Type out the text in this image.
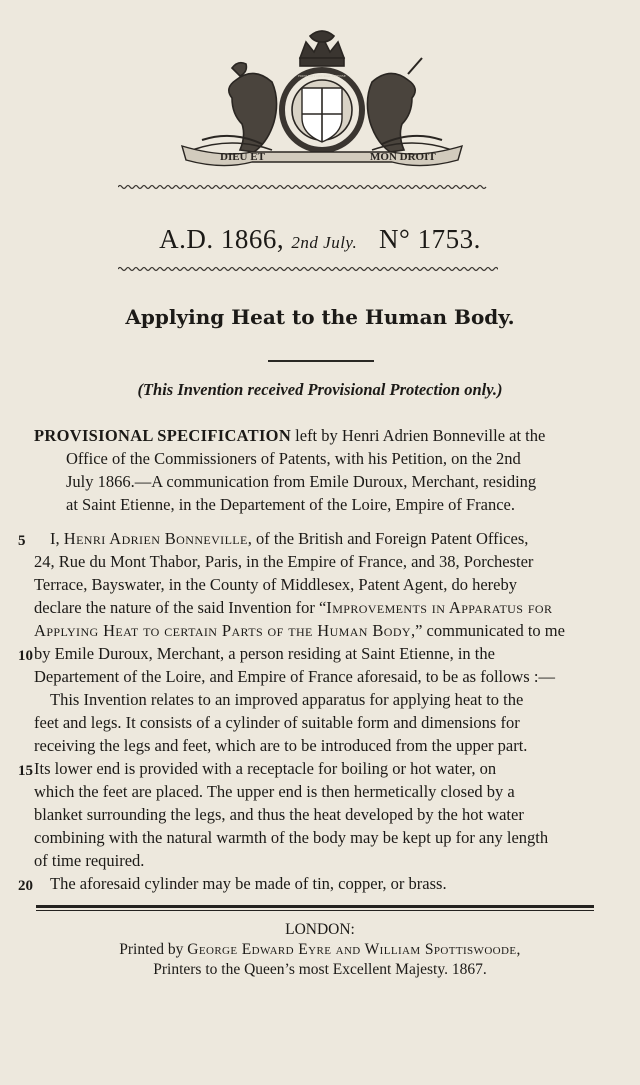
DIEU ET	MON DROIT
HONI SOIT QUI MAL Y PENSE
A.D. 1866, 2nd July. N° 1753.
Applying Heat to the Human Body.
(This Invention received Provisional Protection only.)
PROVISIONAL SPECIFICATION left by Henri Adrien Bonneville at the
Office of the Commissioners of Patents, with his Petition, on the 2nd
July 1866.—A communication from Emile Duroux, Merchant, residing
at Saint Etienne, in the Departement of the Loire, Empire of France.
5 I, Henri Adrien Bonneville, of the British and Foreign Patent Offices,
24, Rue du Mont Thabor, Paris, in the Empire of France, and 38, Porchester
Terrace, Bayswater, in the County of Middlesex, Patent Agent, do hereby
declare the nature of the said Invention for “Improvements in Apparatus for
Applying Heat to certain Parts of the Human Body,” communicated to me
10 by Emile Duroux, Merchant, a person residing at Saint Etienne, in the
Departement of the Loire, and Empire of France aforesaid, to be as follows :—
This Invention relates to an improved apparatus for applying heat to the
feet and legs. It consists of a cylinder of suitable form and dimensions for
receiving the legs and feet, which are to be introduced from the upper part.
15 Its lower end is provided with a receptacle for boiling or hot water, on
which the feet are placed. The upper end is then hermetically closed by a
blanket surrounding the legs, and thus the heat developed by the hot water
combining with the natural warmth of the body may be kept up for any length
of time required.
20 The aforesaid cylinder may be made of tin, copper, or brass.
LONDON:
Printed by George Edward Eyre and William Spottiswoode,
Printers to the Queen’s most Excellent Majesty. 1867.
